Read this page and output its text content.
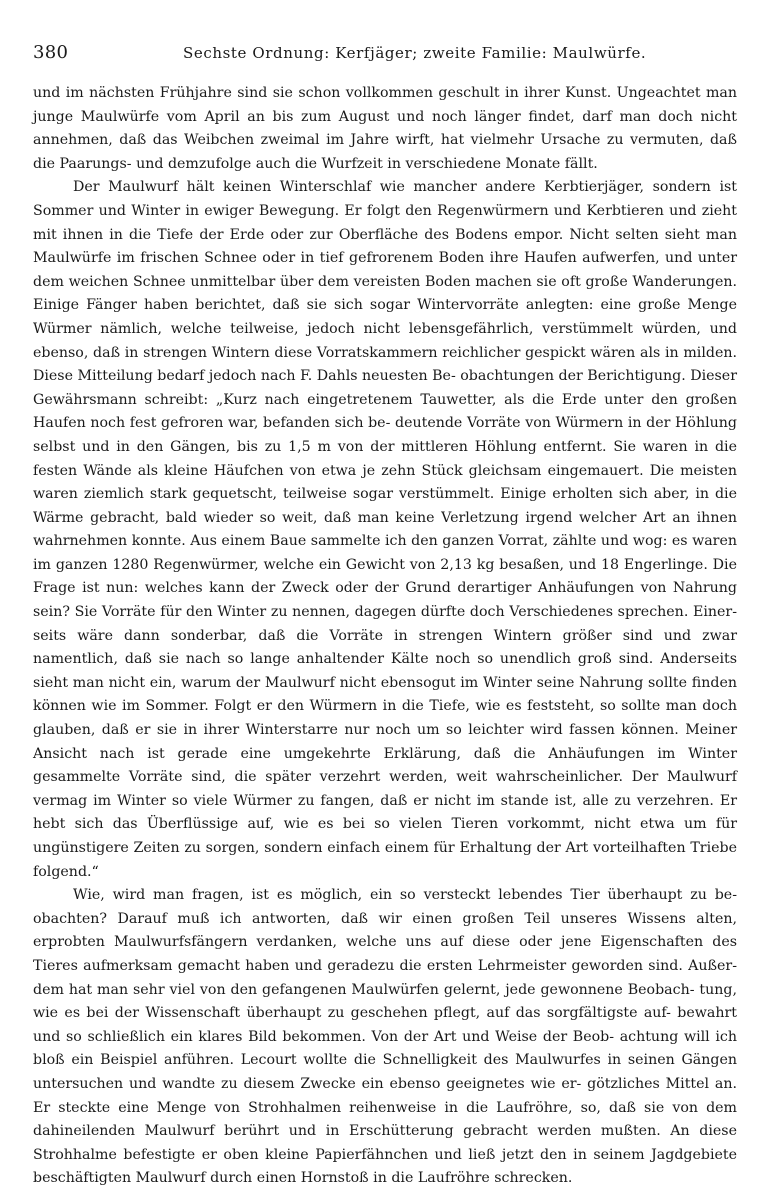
380	Sechste Ordnung: Kerfjäger; zweite Familie: Maulwürfe.

und im nächsten Frühjahre sind sie schon vollkommen geschult in ihrer Kunst. Ungeachtet man junge Maulwürfe vom April an bis zum August und noch länger findet, darf man doch nicht annehmen, daß das Weibchen zweimal im Jahre wirft, hat vielmehr Ursache zu vermuten, daß die Paarungs- und demzufolge auch die Wurfzeit in verschiedene Monate fällt.

Der Maulwurf hält keinen Winterschlaf wie mancher andere Kerbtierjäger, sondern ist Sommer und Winter in ewiger Bewegung. Er folgt den Regenwürmern und Kerbtieren und zieht mit ihnen in die Tiefe der Erde oder zur Oberfläche des Bodens empor. Nicht selten sieht man Maulwürfe im frischen Schnee oder in tief gefrorenem Boden ihre Haufen aufwerfen, und unter dem weichen Schnee unmittelbar über dem vereisten Boden machen sie oft große Wanderungen. Einige Fänger haben berichtet, daß sie sich sogar Wintervorräte anlegten: eine große Menge Würmer nämlich, welche teilweise, jedoch nicht lebensgefährlich, verstümmelt würden, und ebenso, daß in strengen Wintern diese Vorratskammern reichlicher gespickt wären als in milden. Diese Mitteilung bedarf jedoch nach F. Dahls neuesten Be- obachtungen der Berichtigung. Dieser Gewährsmann schreibt: „Kurz nach eingetretenem Tauwetter, als die Erde unter den großen Haufen noch fest gefroren war, befanden sich be- deutende Vorräte von Würmern in der Höhlung selbst und in den Gängen, bis zu 1,5 m von der mittleren Höhlung entfernt. Sie waren in die festen Wände als kleine Häufchen von etwa je zehn Stück gleichsam eingemauert. Die meisten waren ziemlich stark gequetscht, teilweise sogar verstümmelt. Einige erholten sich aber, in die Wärme gebracht, bald wieder so weit, daß man keine Verletzung irgend welcher Art an ihnen wahrnehmen konnte. Aus einem Baue sammelte ich den ganzen Vorrat, zählte und wog: es waren im ganzen 1280 Regenwürmer, welche ein Gewicht von 2,13 kg besaßen, und 18 Engerlinge. Die Frage ist nun: welches kann der Zweck oder der Grund derartiger Anhäufungen von Nahrung sein? Sie Vorräte für den Winter zu nennen, dagegen dürfte doch Verschiedenes sprechen. Einer- seits wäre dann sonderbar, daß die Vorräte in strengen Wintern größer sind und zwar namentlich, daß sie nach so lange anhaltender Kälte noch so unendlich groß sind. Anderseits sieht man nicht ein, warum der Maulwurf nicht ebensogut im Winter seine Nahrung sollte finden können wie im Sommer. Folgt er den Würmern in die Tiefe, wie es feststeht, so sollte man doch glauben, daß er sie in ihrer Winterstarre nur noch um so leichter wird fassen können. Meiner Ansicht nach ist gerade eine umgekehrte Erklärung, daß die Anhäufungen im Winter gesammelte Vorräte sind, die später verzehrt werden, weit wahrscheinlicher. Der Maulwurf vermag im Winter so viele Würmer zu fangen, daß er nicht im stande ist, alle zu verzehren. Er hebt sich das Überflüssige auf, wie es bei so vielen Tieren vorkommt, nicht etwa um für ungünstigere Zeiten zu sorgen, sondern einfach einem für Erhaltung der Art vorteilhaften Triebe folgend.“

Wie, wird man fragen, ist es möglich, ein so versteckt lebendes Tier überhaupt zu be- obachten? Darauf muß ich antworten, daß wir einen großen Teil unseres Wissens alten, erprobten Maulwurfsfängern verdanken, welche uns auf diese oder jene Eigenschaften des Tieres aufmerksam gemacht haben und geradezu die ersten Lehrmeister geworden sind. Außer- dem hat man sehr viel von den gefangenen Maulwürfen gelernt, jede gewonnene Beobach- tung, wie es bei der Wissenschaft überhaupt zu geschehen pflegt, auf das sorgfältigste auf- bewahrt und so schließlich ein klares Bild bekommen. Von der Art und Weise der Beob- achtung will ich bloß ein Beispiel anführen. Lecourt wollte die Schnelligkeit des Maulwurfes in seinen Gängen untersuchen und wandte zu diesem Zwecke ein ebenso geeignetes wie er- götzliches Mittel an. Er steckte eine Menge von Strohhalmen reihenweise in die Laufröhre, so, daß sie von dem dahineilenden Maulwurf berührt und in Erschütterung gebracht werden mußten. An diese Strohhalme befestigte er oben kleine Papierfähnchen und ließ jetzt den in seinem Jagdgebiete beschäftigten Maulwurf durch einen Hornstoß in die Laufröhre schrecken.
